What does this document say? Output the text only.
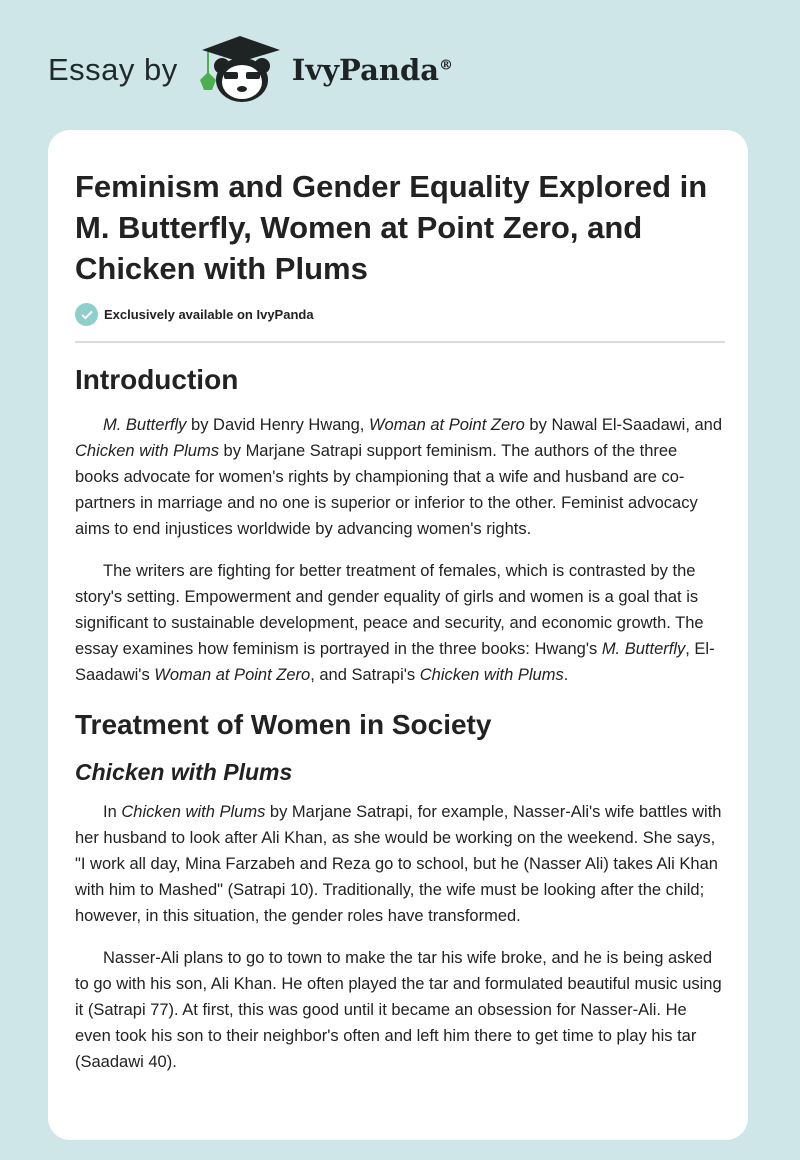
Essay by	IvyPanda®
Feminism and Gender Equality Explored in M. Butterfly, Women at Point Zero, and Chicken with Plums
Exclusively available on IvyPanda
Introduction

M. Butterfly by David Henry Hwang, Woman at Point Zero by Nawal El-Saadawi, and Chicken with Plums by Marjane Satrapi support feminism. The authors of the three books advocate for women's rights by championing that a wife and husband are co-partners in marriage and no one is superior or inferior to the other. Feminist advocacy aims to end injustices worldwide by advancing women's rights.

The writers are fighting for better treatment of females, which is contrasted by the story's setting. Empowerment and gender equality of girls and women is a goal that is significant to sustainable development, peace and security, and economic growth. The essay examines how feminism is portrayed in the three books: Hwang's M. Butterfly, El-Saadawi's Woman at Point Zero, and Satrapi's Chicken with Plums.

Treatment of Women in Society
Chicken with Plums

In Chicken with Plums by Marjane Satrapi, for example, Nasser-Ali's wife battles with her husband to look after Ali Khan, as she would be working on the weekend. She says, "I work all day, Mina Farzabeh and Reza go to school, but he (Nasser Ali) takes Ali Khan with him to Mashed" (Satrapi 10). Traditionally, the wife must be looking after the child; however, in this situation, the gender roles have transformed.

Nasser-Ali plans to go to town to make the tar his wife broke, and he is being asked to go with his son, Ali Khan. He often played the tar and formulated beautiful music using it (Satrapi 77). At first, this was good until it became an obsession for Nasser-Ali. He even took his son to their neighbor's often and left him there to get time to play his tar (Saadawi 40).
